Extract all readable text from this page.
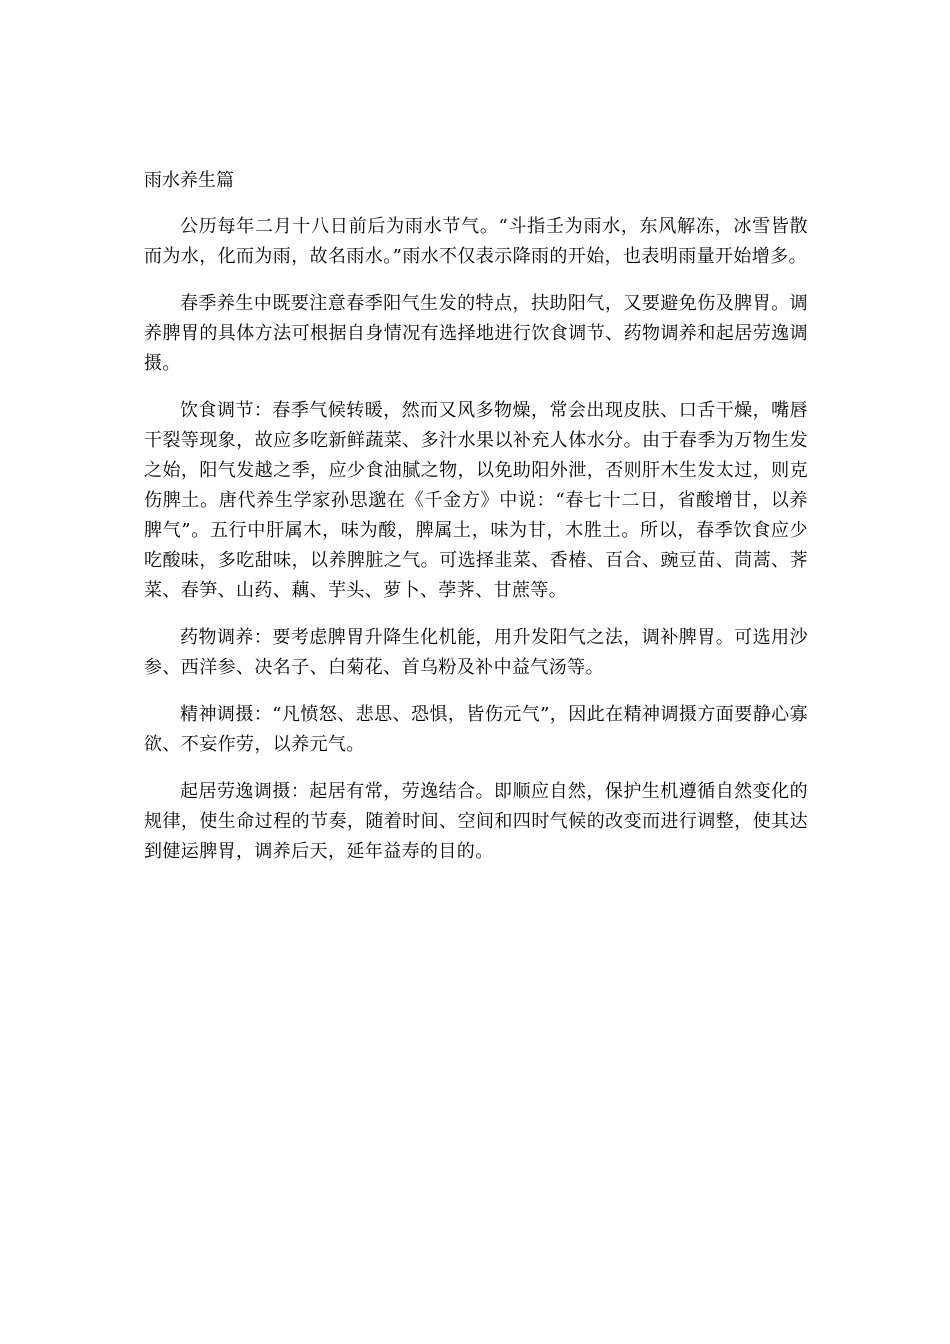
雨水养生篇

公历每年二月十八日前后为雨水节气。“斗指壬为雨水，东风解冻，冰雪皆散而为水，化而为雨，故名雨水。”雨水不仅表示降雨的开始，也表明雨量开始增多。

春季养生中既要注意春季阳气生发的特点，扶助阳气，又要避免伤及脾胃。调养脾胃的具体方法可根据自身情况有选择地进行饮食调节、药物调养和起居劳逸调摄。

饮食调节：春季气候转暖，然而又风多物燥，常会出现皮肤、口舌干燥，嘴唇干裂等现象，故应多吃新鲜蔬菜、多汁水果以补充人体水分。由于春季为万物生发之始，阳气发越之季，应少食油腻之物，以免助阳外泄，否则肝木生发太过，则克伤脾土。唐代养生学家孙思邈在《千金方》中说：“春七十二日，省酸增甘，以养脾气”。五行中肝属木，味为酸，脾属土，味为甘，木胜土。所以，春季饮食应少吃酸味，多吃甜味，以养脾脏之气。可选择韭菜、香椿、百合、豌豆苗、茼蒿、荠菜、春笋、山药、藕、芋头、萝卜、荸荠、甘蔗等。

药物调养：要考虑脾胃升降生化机能，用升发阳气之法，调补脾胃。可选用沙参、西洋参、决名子、白菊花、首乌粉及补中益气汤等。

精神调摄：“凡愤怒、悲思、恐惧，皆伤元气”，因此在精神调摄方面要静心寡欲、不妄作劳，以养元气。

起居劳逸调摄：起居有常，劳逸结合。即顺应自然，保护生机遵循自然变化的规律，使生命过程的节奏，随着时间、空间和四时气候的改变而进行调整，使其达到健运脾胃，调养后天，延年益寿的目的。
